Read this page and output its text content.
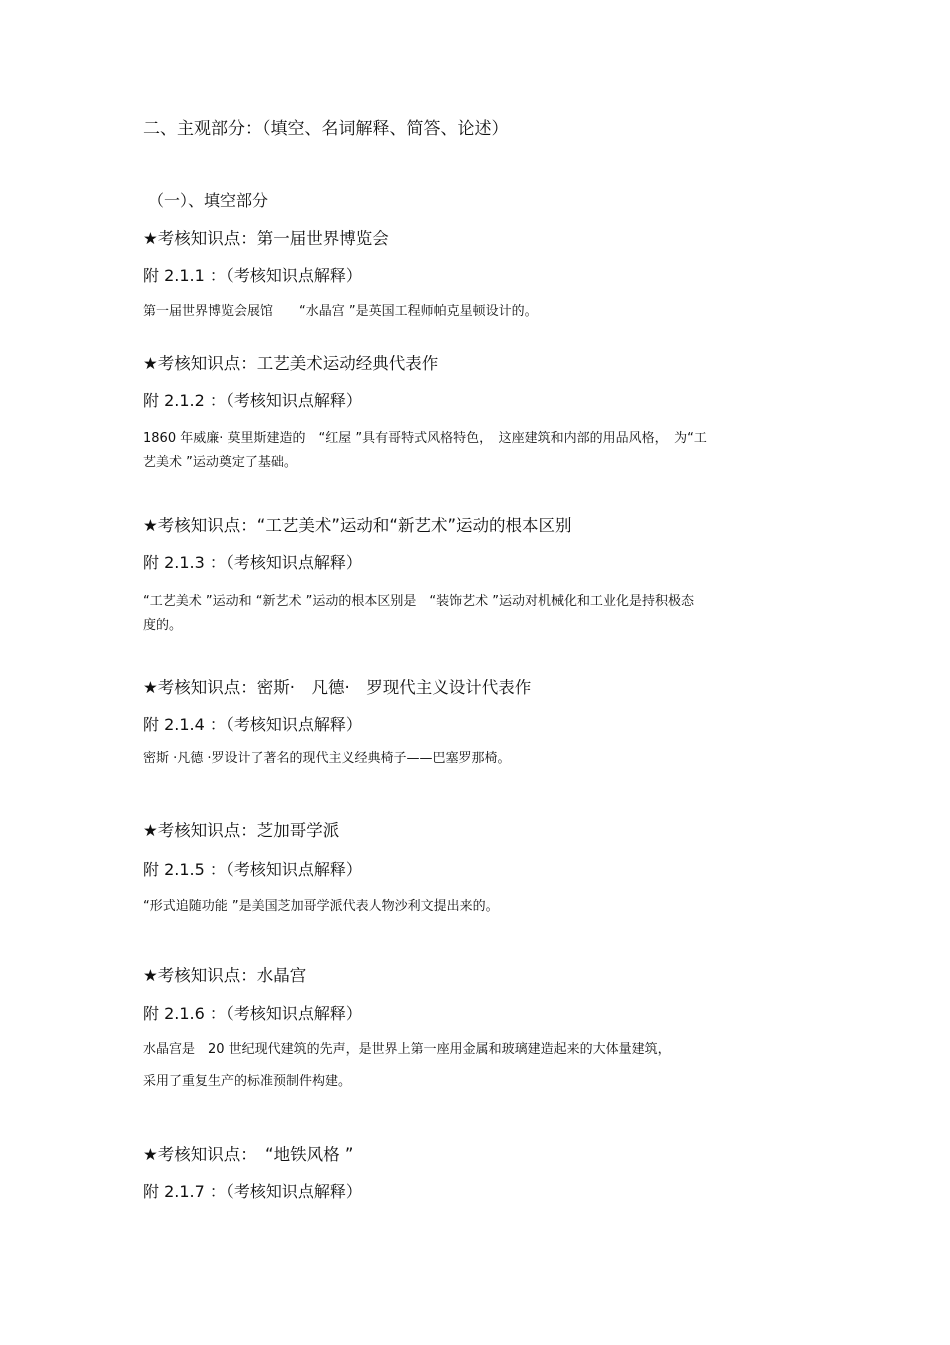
二、主观部分：（填空、名词解释、简答、论述）
（一）、填空部分
★考核知识点：第一届世界博览会
附 2.1.1 ：（考核知识点解释）
第一届世界博览会展馆　　“水晶宫 ”是英国工程师帕克星顿设计的。
★考核知识点：工艺美术运动经典代表作
附 2.1.2 ：（考核知识点解释）
1860 年威廉· 莫里斯建造的　“红屋 ”具有哥特式风格特色，　这座建筑和内部的用品风格，　为“工
艺美术 ”运动奠定了基础。
★考核知识点：“工艺美术”运动和“新艺术”运动的根本区别
附 2.1.3 ：（考核知识点解释）
“工艺美术 ”运动和 “新艺术 ”运动的根本区别是　“装饰艺术 ”运动对机械化和工业化是持积极态
度的。
★考核知识点：密斯·　凡德·　罗现代主义设计代表作
附 2.1.4 ：（考核知识点解释）
密斯 ·凡德 ·罗设计了著名的现代主义经典椅子——巴塞罗那椅。
★考核知识点：芝加哥学派
附 2.1.5 ：（考核知识点解释）
“形式追随功能 ”是美国芝加哥学派代表人物沙利文提出来的。
★考核知识点：水晶宫
附 2.1.6 ：（考核知识点解释）
水晶宫是　20 世纪现代建筑的先声，是世界上第一座用金属和玻璃建造起来的大体量建筑，
采用了重复生产的标准预制件构建。
★考核知识点：　“地铁风格 ”
附 2.1.7 ：（考核知识点解释）
